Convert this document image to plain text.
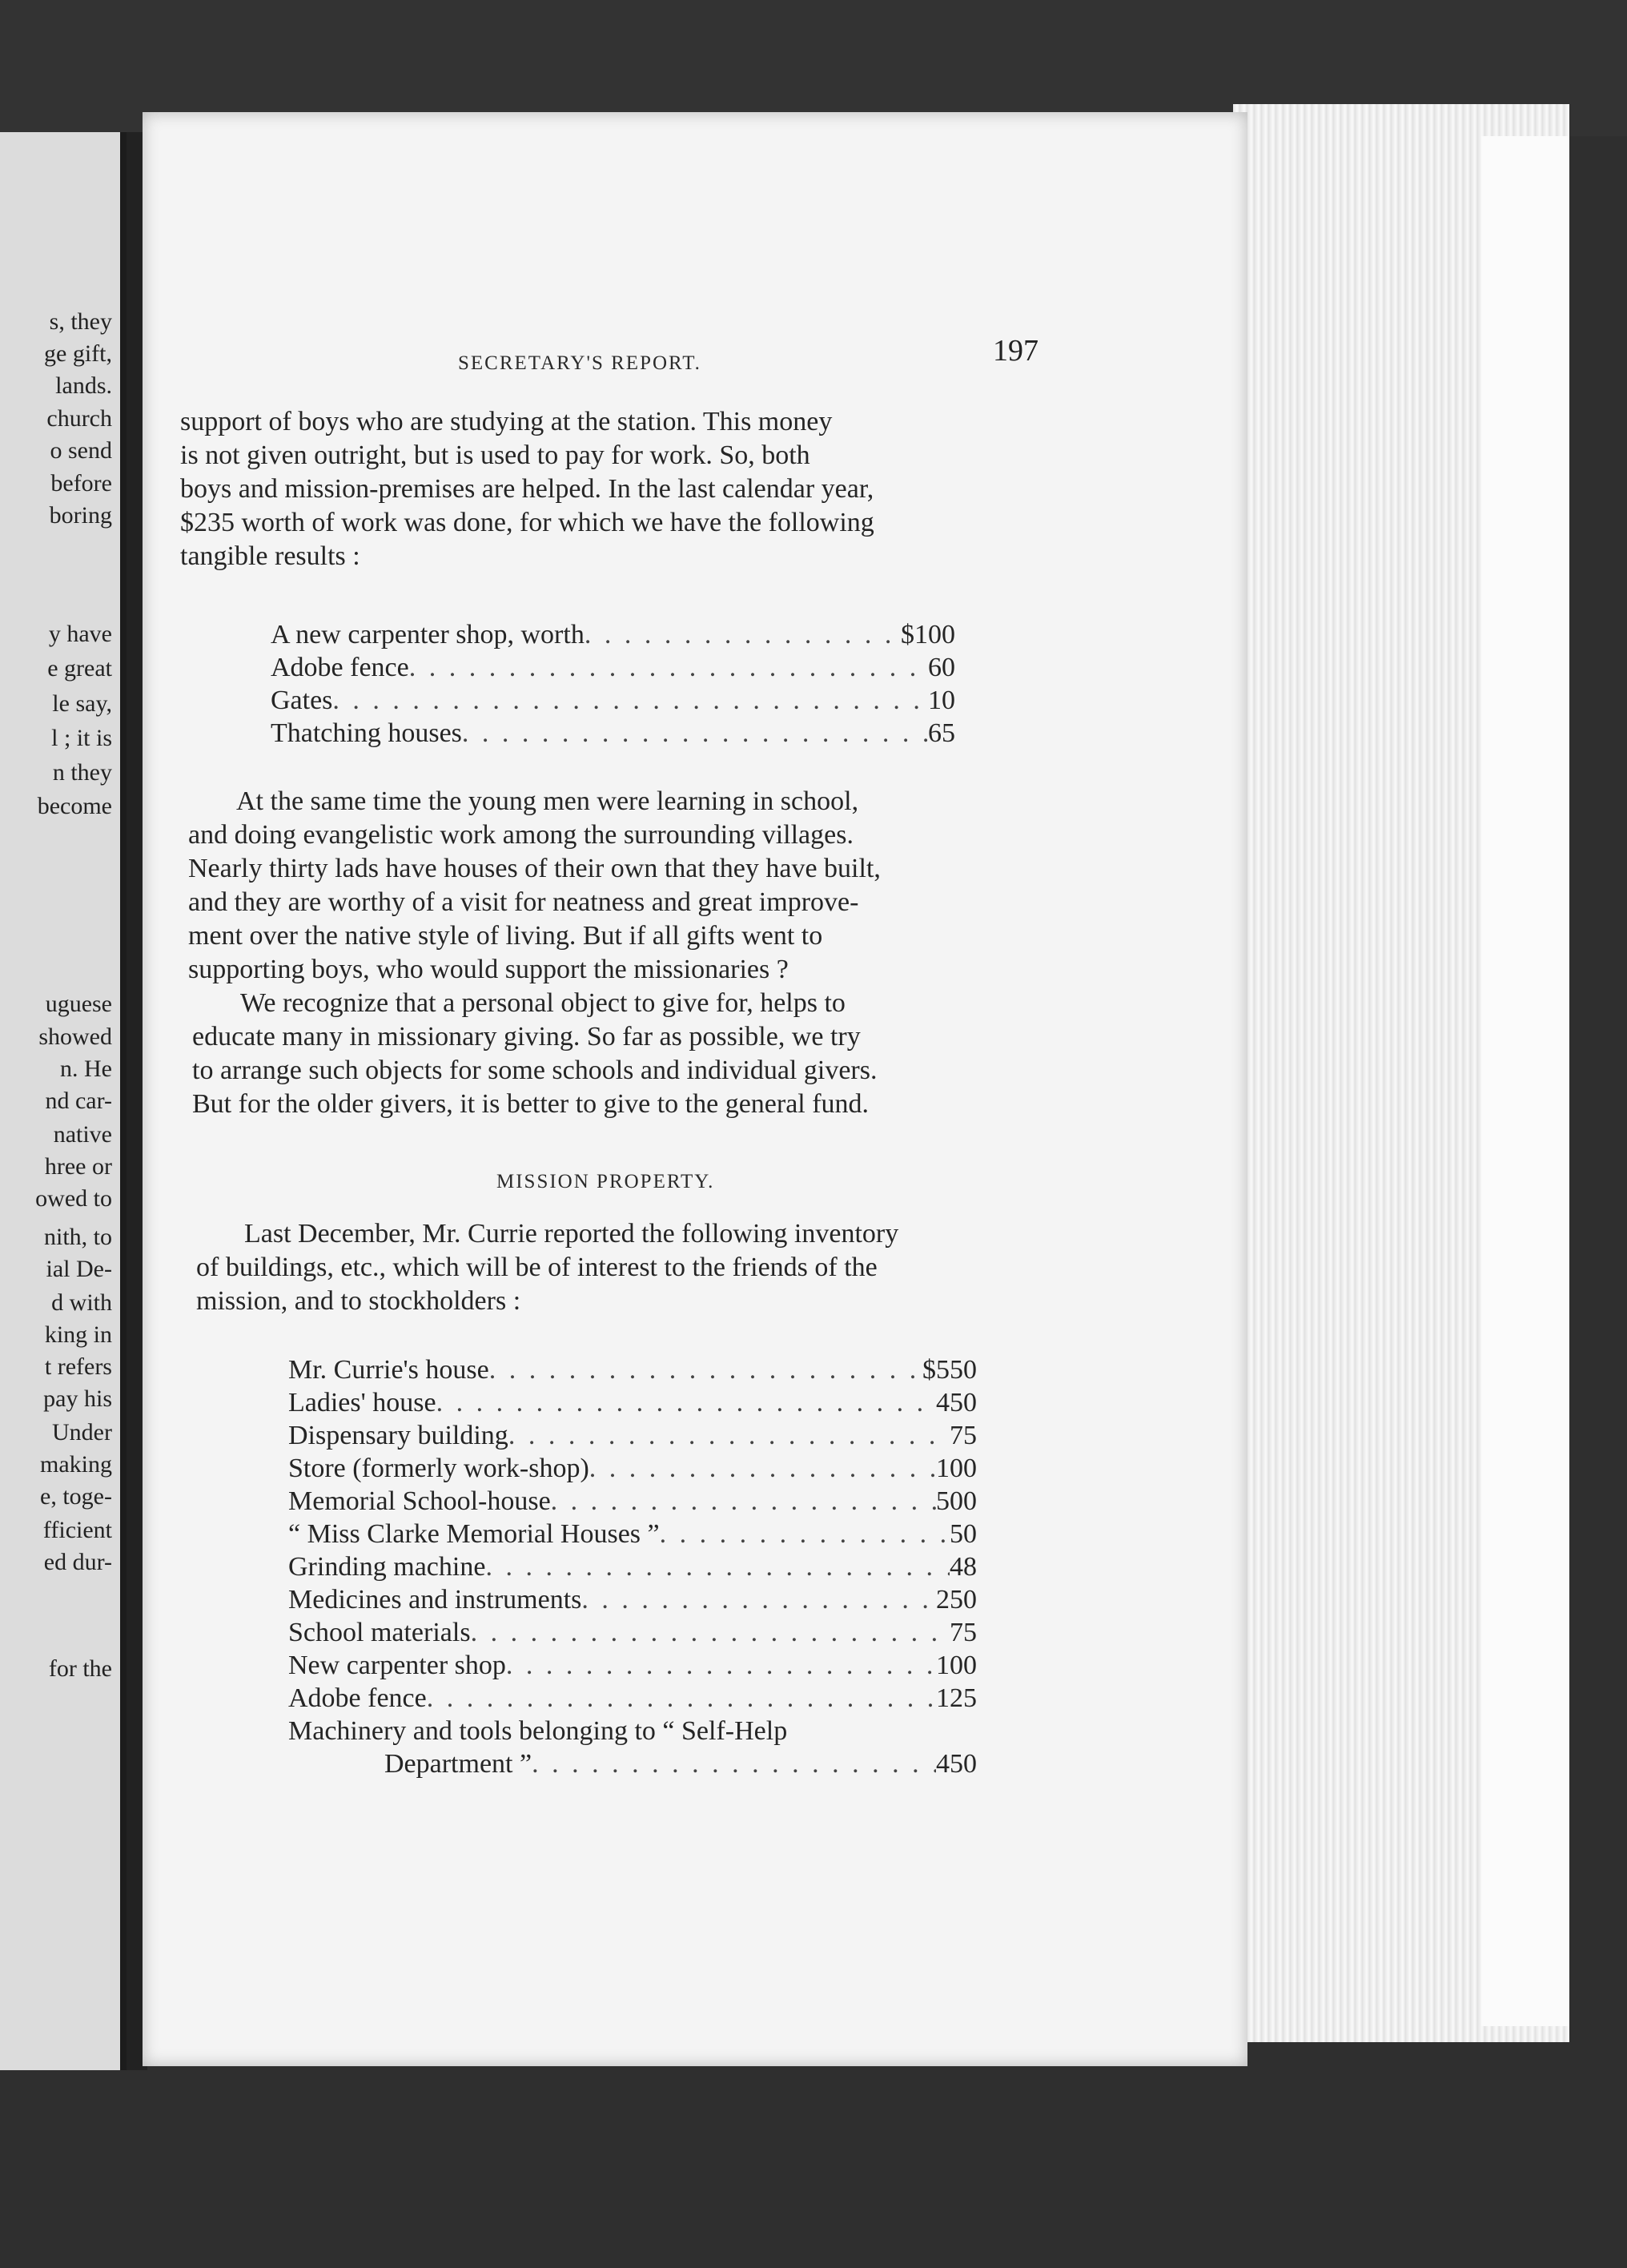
s, they
ge gift,
lands.
church
o send
before
boring
y have
e great
le say,
l ; it is
n they
become
uguese
showed
n. He
nd car-
native
hree or
owed to
nith, to
ial De-
d with
king in
t refers
pay his
Under
making
e, toge-
fficient
ed dur-
for the
SECRETARY'S REPORT.	197
support of boys who are studying at the station. This money
is not given outright, but is used to pay for work. So, both
boys and mission-premises are helped. In the last calendar year,
$235 worth of work was done, for which we have the following
tangible results :
A new carpenter shop, worth . . .	$100
Adobe fence . . .	60
Gates . . .	10
Thatching houses . . .	65
At the same time the young men were learning in school,
and doing evangelistic work among the surrounding villages.
Nearly thirty lads have houses of their own that they have built,
and they are worthy of a visit for neatness and great improve-
ment over the native style of living. But if all gifts went to
supporting boys, who would support the missionaries ?
We recognize that a personal object to give for, helps to
educate many in missionary giving. So far as possible, we try
to arrange such objects for some schools and individual givers.
But for the older givers, it is better to give to the general fund.
MISSION PROPERTY.
Last December, Mr. Currie reported the following inventory
of buildings, etc., which will be of interest to the friends of the
mission, and to stockholders :
Mr. Currie's house . . .	$550
Ladies' house . . .	450
Dispensary building . . .	75
Store (formerly work-shop) . . .	100
Memorial School-house . . .	500
“ Miss Clarke Memorial Houses ” . . .	50
Grinding machine . . .	48
Medicines and instruments . . .	250
School materials . . .	75
New carpenter shop . . .	100
Adobe fence . . .	125
Machinery and tools belonging to “ Self-Help
Department ” . . .	450
